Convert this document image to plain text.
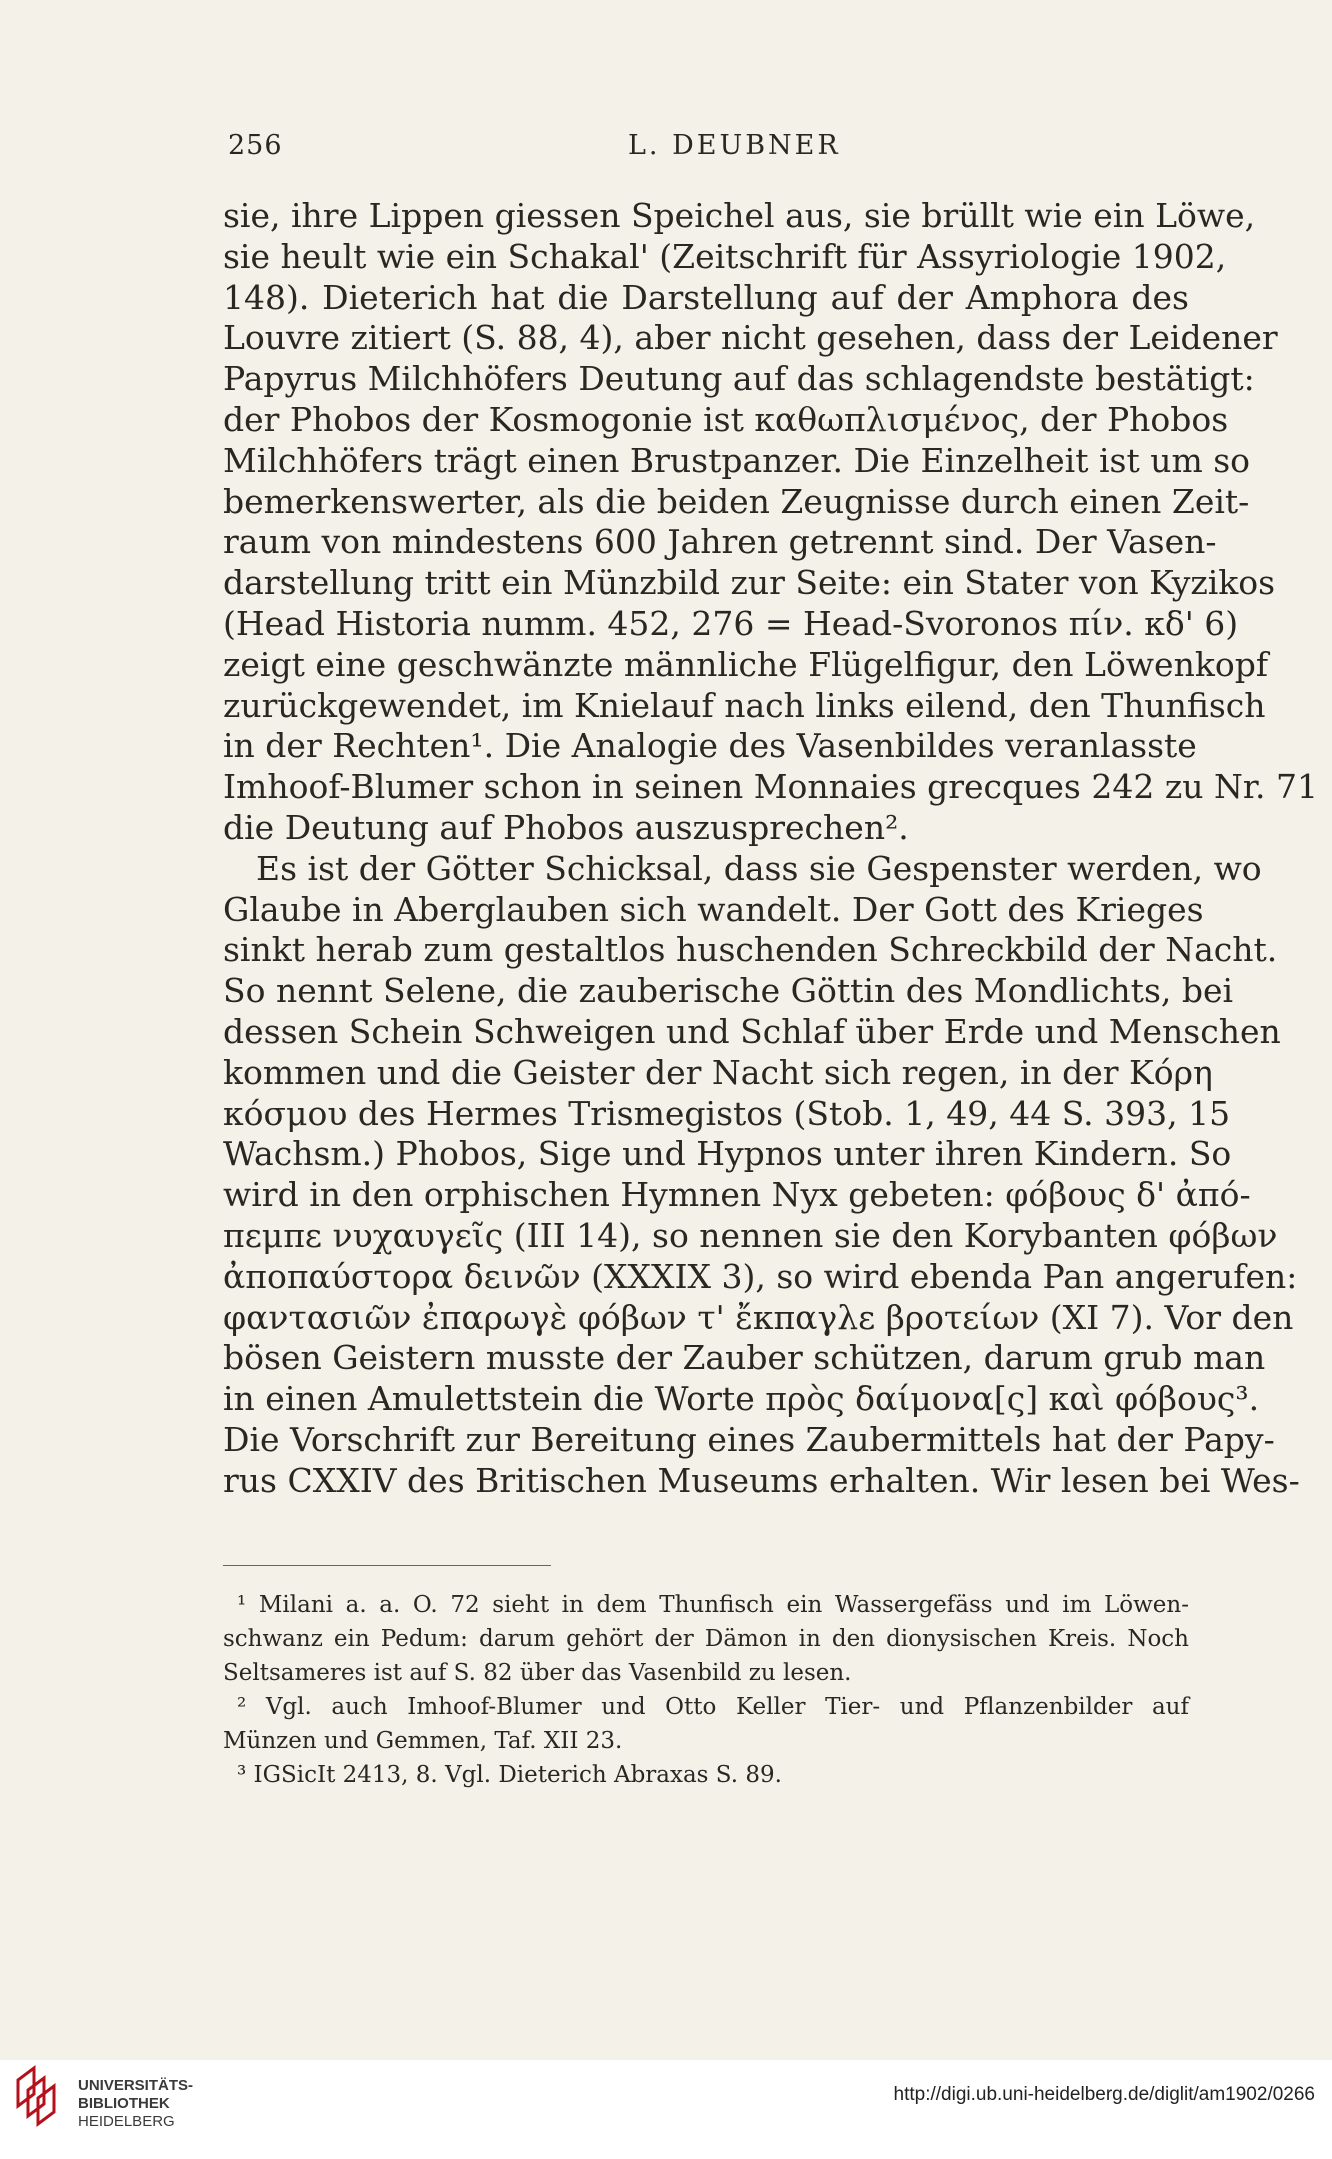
256	L. DEUBNER
sie, ihre Lippen giessen Speichel aus, sie brüllt wie ein Löwe,
sie heult wie ein Schakal' (Zeitschrift für Assyriologie 1902,
148). Dieterich hat die Darstellung auf der Amphora des
Louvre zitiert (S. 88, 4), aber nicht gesehen, dass der Leidener
Papyrus Milchhöfers Deutung auf das schlagendste bestätigt:
der Phobos der Kosmogonie ist καθωπλισμένος, der Phobos
Milchhöfers trägt einen Brustpanzer. Die Einzelheit ist um so
bemerkenswerter, als die beiden Zeugnisse durch einen Zeit-
raum von mindestens 600 Jahren getrennt sind. Der Vasen-
darstellung tritt ein Münzbild zur Seite: ein Stater von Kyzikos
(Head Historia numm. 452, 276 = Head-Svoronos πίν. κδ' 6)
zeigt eine geschwänzte männliche Flügelfigur, den Löwenkopf
zurückgewendet, im Knielauf nach links eilend, den Thunfisch
in der Rechten¹. Die Analogie des Vasenbildes veranlasste
Imhoof-Blumer schon in seinen Monnaies grecques 242 zu Nr. 71
die Deutung auf Phobos auszusprechen².
Es ist der Götter Schicksal, dass sie Gespenster werden, wo
Glaube in Aberglauben sich wandelt. Der Gott des Krieges
sinkt herab zum gestaltlos huschenden Schreckbild der Nacht.
So nennt Selene, die zauberische Göttin des Mondlichts, bei
dessen Schein Schweigen und Schlaf über Erde und Menschen
kommen und die Geister der Nacht sich regen, in der Κόρη
κόσμου des Hermes Trismegistos (Stob. 1, 49, 44 S. 393, 15
Wachsm.) Phobos, Sige und Hypnos unter ihren Kindern. So
wird in den orphischen Hymnen Nyx gebeten: φόβους δ' ἀπό-
πεμπε νυχαυγεῖς (III 14), so nennen sie den Korybanten φόβων
ἀποπαύστορα δεινῶν (XXXIX 3), so wird ebenda Pan angerufen:
φαντασιῶν ἐπαρωγὲ φόβων τ' ἔκπαγλε βροτείων (XI 7). Vor den
bösen Geistern musste der Zauber schützen, darum grub man
in einen Amulettstein die Worte πρὸς δαίμονα[ς] καὶ φόβους³.
Die Vorschrift zur Bereitung eines Zaubermittels hat der Papy-
rus CXXIV des Britischen Museums erhalten. Wir lesen bei Wes-
¹ Milani a. a. O. 72 sieht in dem Thunfisch ein Wassergefäss und im Löwen-
schwanz ein Pedum: darum gehört der Dämon in den dionysischen Kreis. Noch
Seltsameres ist auf S. 82 über das Vasenbild zu lesen.
² Vgl. auch Imhoof-Blumer und Otto Keller Tier- und Pflanzenbilder auf
Münzen und Gemmen, Taf. XII 23.
³ IGSicIt 2413, 8. Vgl. Dieterich Abraxas S. 89.
UNIVERSITÄTS-
BIBLIOTHEK
HEIDELBERG
http://digi.ub.uni-heidelberg.de/diglit/am1902/0266
